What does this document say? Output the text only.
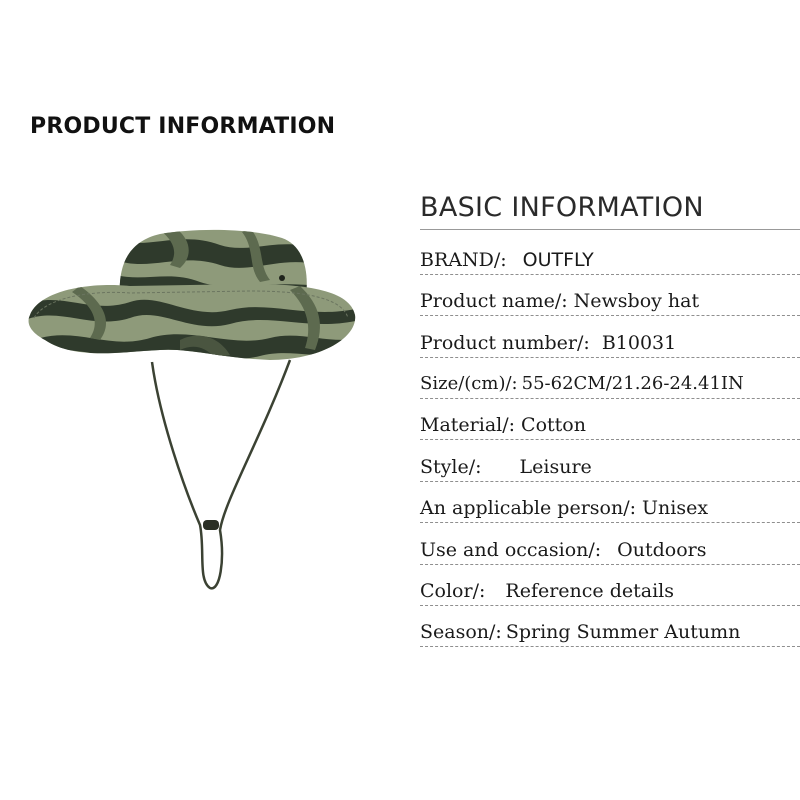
PRODUCT INFORMATION
BASIC INFORMATION
BRAND/: OUTFLY
Product name/: Newsboy hat
Product number/: B10031
Size/(cm)/: 55-62CM/21.26-24.41IN
Material/: Cotton
Style/: Leisure
An applicable person/: Unisex
Use and occasion/: Outdoors
Color/: Reference details
Season/: Spring Summer Autumn
